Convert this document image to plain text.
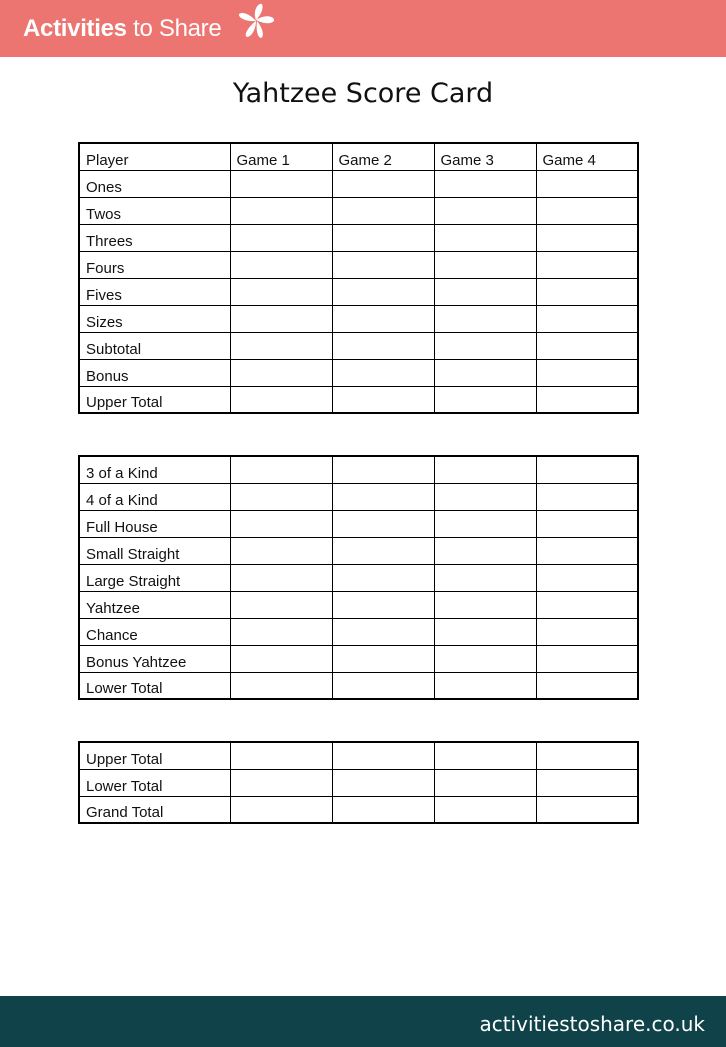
Activities to Share
Yahtzee Score Card
Player	Game 1	Game 2	Game 3	Game 4
Ones				
Twos				
Threes				
Fours				
Fives				
Sizes				
Subtotal				
Bonus				
Upper Total				
3 of a Kind				
4 of a Kind				
Full House				
Small Straight				
Large Straight				
Yahtzee				
Chance				
Bonus Yahtzee				
Lower Total				
Upper Total				
Lower Total				
Grand Total				
activitiestoshare.co.uk
